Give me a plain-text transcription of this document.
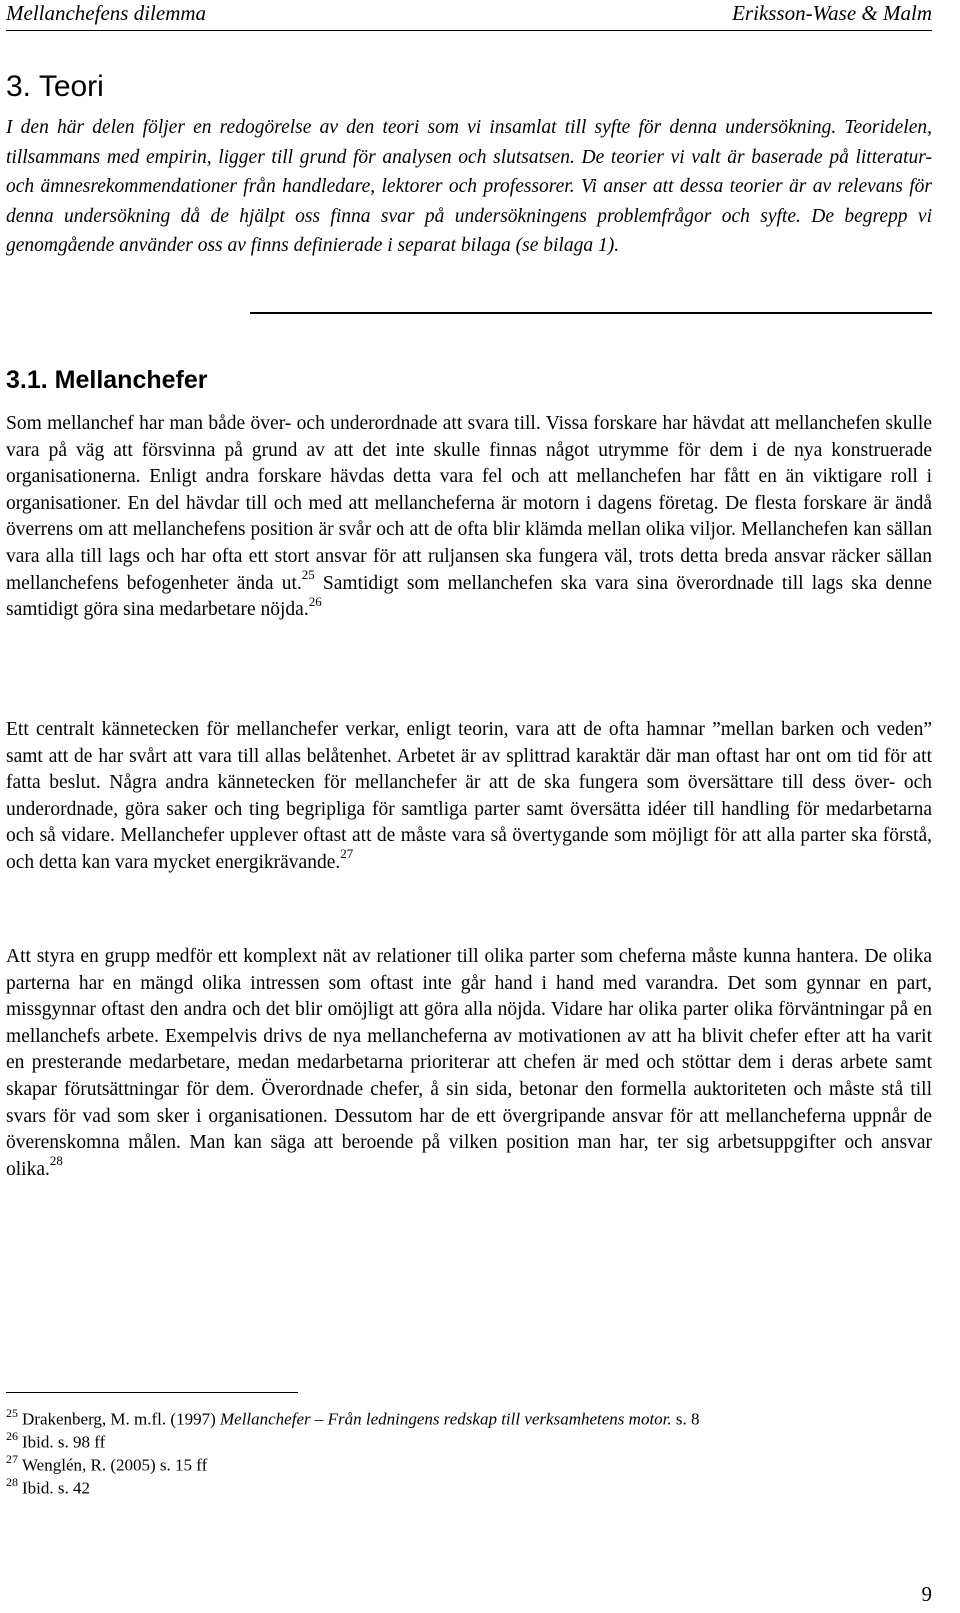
Mellanchefens dilemma	Eriksson-Wase & Malm
3. Teori

I den här delen följer en redogörelse av den teori som vi insamlat till syfte för denna undersökning. Teoridelen, tillsammans med empirin, ligger till grund för analysen och slutsatsen. De teorier vi valt är baserade på litteratur- och ämnesrekommendationer från handledare, lektorer och professorer. Vi anser att dessa teorier är av relevans för denna undersökning då de hjälpt oss finna svar på undersökningens problemfrågor och syfte. De begrepp vi genomgående använder oss av finns definierade i separat bilaga (se bilaga 1).

3.1. Mellanchefer

Som mellanchef har man både över- och underordnade att svara till. Vissa forskare har hävdat att mellanchefen skulle vara på väg att försvinna på grund av att det inte skulle finnas något utrymme för dem i de nya konstruerade organisationerna. Enligt andra forskare hävdas detta vara fel och att mellanchefen har fått en än viktigare roll i organisationer. En del hävdar till och med att mellancheferna är motorn i dagens företag. De flesta forskare är ändå överrens om att mellanchefens position är svår och att de ofta blir klämda mellan olika viljor. Mellanchefen kan sällan vara alla till lags och har ofta ett stort ansvar för att ruljansen ska fungera väl, trots detta breda ansvar räcker sällan mellanchefens befogenheter ända ut.$^{25}$ Samtidigt som mellanchefen ska vara sina överordnade till lags ska denne samtidigt göra sina medarbetare nöjda.$^{26}$

Ett centralt kännetecken för mellanchefer verkar, enligt teorin, vara att de ofta hamnar ”mellan barken och veden” samt att de har svårt att vara till allas belåtenhet. Arbetet är av splittrad karaktär där man oftast har ont om tid för att fatta beslut. Några andra kännetecken för mellanchefer är att de ska fungera som översättare till dess över- och underordnade, göra saker och ting begripliga för samtliga parter samt översätta idéer till handling för medarbetarna och så vidare. Mellanchefer upplever oftast att de måste vara så övertygande som möjligt för att alla parter ska förstå, och detta kan vara mycket energikrävande.$^{27}$

Att styra en grupp medför ett komplext nät av relationer till olika parter som cheferna måste kunna hantera. De olika parterna har en mängd olika intressen som oftast inte går hand i hand med varandra. Det som gynnar en part, missgynnar oftast den andra och det blir omöjligt att göra alla nöjda. Vidare har olika parter olika förväntningar på en mellanchefs arbete. Exempelvis drivs de nya mellancheferna av motivationen av att ha blivit chefer efter att ha varit en presterande medarbetare, medan medarbetarna prioriterar att chefen är med och stöttar dem i deras arbete samt skapar förutsättningar för dem. Överordnade chefer, å sin sida, betonar den formella auktoriteten och måste stå till svars för vad som sker i organisationen. Dessutom har de ett övergripande ansvar för att mellancheferna uppnår de överenskomna målen. Man kan säga att beroende på vilken position man har, ter sig arbetsuppgifter och ansvar olika.$^{28}$

$^{25}$ Drakenberg, M. m.fl. (1997) Mellanchefer – Från ledningens redskap till verksamhetens motor. s. 8
$^{26}$ Ibid. s. 98 ff
$^{27}$ Wenglén, R. (2005) s. 15 ff
$^{28}$ Ibid. s. 42
9
